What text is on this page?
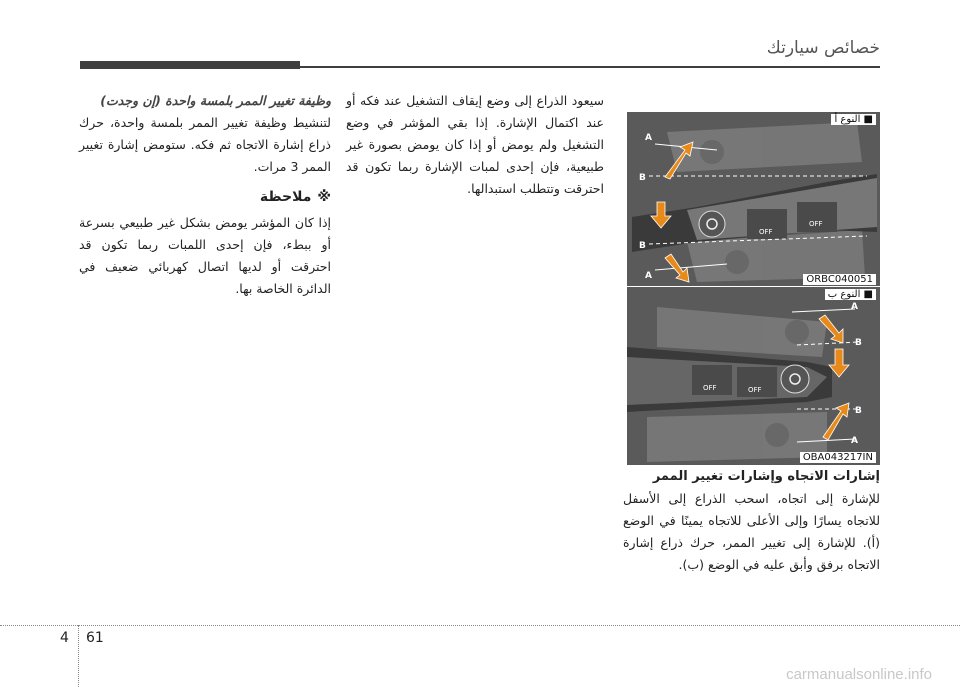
خصائص سيارتك

وظيفة تغيير الممر بلمسة واحدة (إن وجدت)

لتنشيط وظيفة تغيير الممر بلمسة واحدة، حرك ذراع إشارة الاتجاه ثم فكه. ستومض إشارة تغيير الممر 3 مرات.

※
ملاحظة

إذا كان المؤشر يومض بشكل غير طبيعي بسرعة أو ببطء، فإن إحدى اللمبات ربما تكون قد احترقت أو لديها اتصال كهربائي ضعيف في الدائرة الخاصة بها.

سيعود الذراع إلى وضع إيقاف التشغيل عند فكه أو عند اكتمال الإشارة. إذا بقي المؤشر في وضع التشغيل ولم يومض أو إذا كان يومض بصورة غير طبيعية، فإن إحدى لمبات الإشارة ربما تكون قد احترقت وتتطلب استبدالها.

OFF
OFF
A
B
B
A
■ النوع أ
ORBC040051
OFF	OFF
A
B
B
A
■ النوع ب
OBA043217IN

إشارات الاتجاه وإشارات تغيير الممر

للإشارة إلى اتجاه، اسحب الذراع إلى الأسفل للاتجاه يسارًا وإلى الأعلى للاتجاه يمينًا في الوضع (أ). للإشارة إلى تغيير الممر، حرك ذراع إشارة الاتجاه برفق وأبق عليه في الوضع (ب).

4 61
carmanualsonline.info
